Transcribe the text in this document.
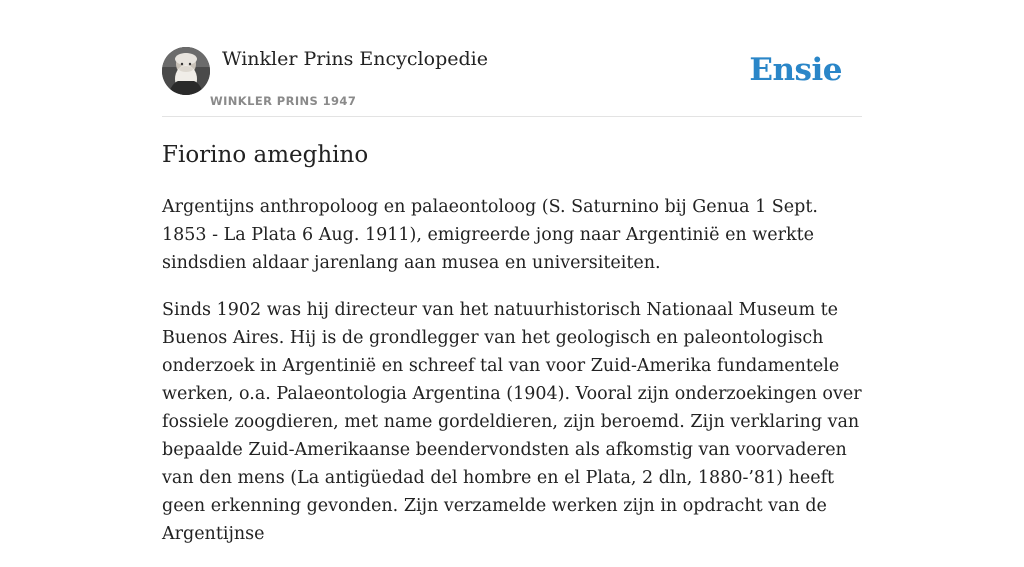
Winkler Prins Encyclopedie
WINKLER PRINS 1947
Ensie
Fiorino ameghino

Argentijns anthropoloog en palaeontoloog (S. Saturnino bij Genua 1 Sept. 1853 - La Plata 6 Aug. 1911), emigreerde jong naar Argentinië en werkte sindsdien aldaar jarenlang aan musea en universiteiten.

Sinds 1902 was hij directeur van het natuurhistorisch Nationaal Museum te Buenos Aires. Hij is de grondlegger van het geologisch en paleontologisch onderzoek in Argentinië en schreef tal van voor Zuid-Amerika fundamentele werken, o.a. Palaeontologia Argentina (1904). Vooral zijn onderzoekingen over fossiele zoogdieren, met name gordeldieren, zijn beroemd. Zijn verklaring van bepaalde Zuid-Amerikaanse beendervondsten als afkomstig van voorvaderen van den mens (La antigüedad del hombre en el Plata, 2 dln, 1880-’81) heeft geen erkenning gevonden. Zijn verzamelde werken zijn in opdracht van de Argentijnse
